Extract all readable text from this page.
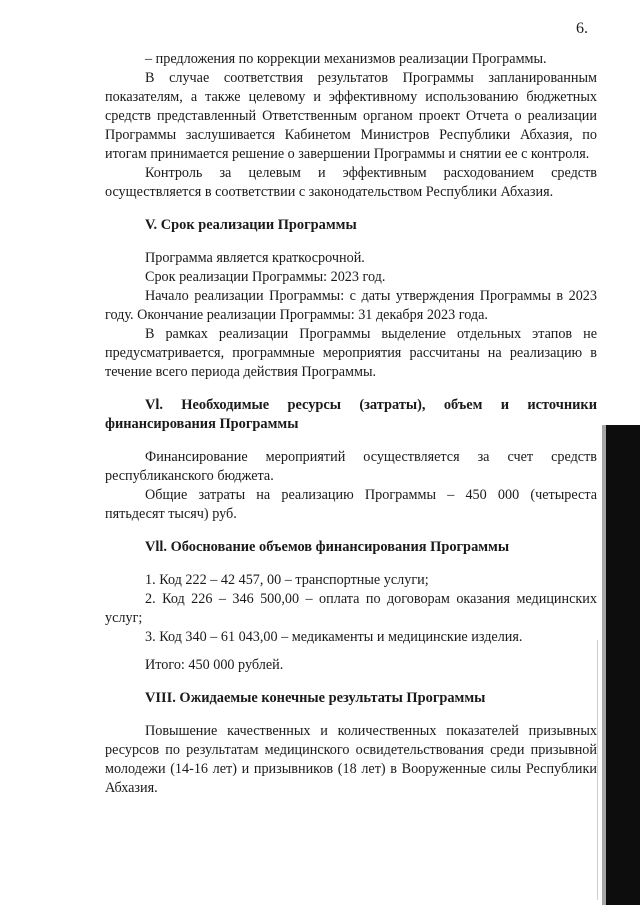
6.

– предложения по коррекции механизмов реализации Программы.

В случае соответствия результатов Программы запланированным показателям, а также целевому и эффективному использованию бюджетных средств представленный Ответственным органом проект Отчета о реализации Программы заслушивается Кабинетом Министров Республики Абхазия, по итогам принимается решение о завершении Программы и снятии ее с контроля.

Контроль за целевым и эффективным расходованием средств осуществляется в соответствии с законодательством Республики Абхазия.

V. Срок реализации Программы

Программа является краткосрочной.

Срок реализации Программы: 2023 год.

Начало реализации Программы: с даты утверждения Программы в 2023 году. Окончание реализации Программы: 31 декабря 2023 года.

В рамках реализации Программы выделение отдельных этапов не предусматривается, программные мероприятия рассчитаны на реализацию в течение всего периода действия Программы.

Vl. Необходимые ресурсы (затраты), объем и источники финансирования Программы

Финансирование мероприятий осуществляется за счет средств республиканского бюджета.

Общие затраты на реализацию Программы – 450 000 (четыреста пятьдесят тысяч) руб.

Vll. Обоснование объемов финансирования Программы

1. Код 222 – 42 457, 00 – транспортные услуги;

2. Код 226 – 346 500,00 – оплата по договорам оказания медицинских услуг;

3. Код 340 – 61 043,00 – медикаменты и медицинские изделия.

Итого: 450 000 рублей.

VIII. Ожидаемые конечные результаты Программы

Повышение качественных и количественных показателей призывных ресурсов по результатам медицинского освидетельствования среди призывной молодежи (14-16 лет) и призывников (18 лет) в Вооруженные силы Республики Абхазия.
